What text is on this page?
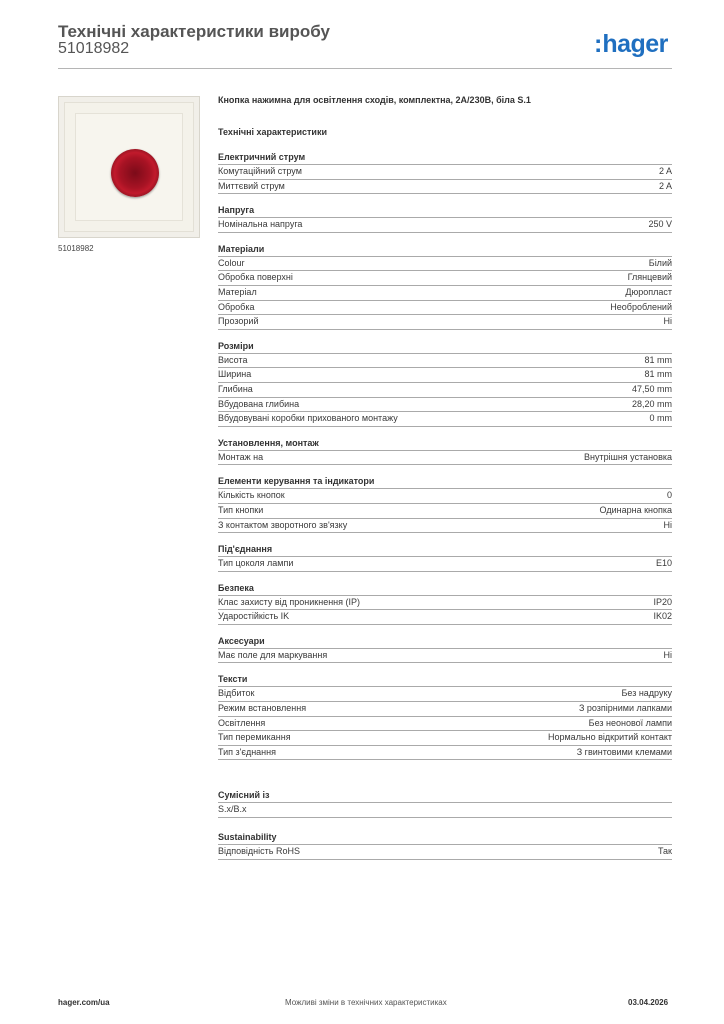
Технічні характеристики виробу
51018982	:hager
51018982
Кнопка нажимна для освітлення сходів, комплектна, 2A/230В, біла S.1
Технічні характеристики
Електричний струм
Комутаційний струм	2 A
Миттєвий струм	2 A
Напруга
Номінальна напруга	250 V
Матеріали
Colour	Білий
Обробка поверхні	Глянцевий
Матеріал	Дюропласт
Обробка	Необроблений
Прозорий	Ні
Розміри
Висота	81 mm
Ширина	81 mm
Глибина	47,50 mm
Вбудована глибина	28,20 mm
Вбудовувані коробки прихованого монтажу	0 mm
Установлення, монтаж
Монтаж на	Внутрішня установка
Елементи керування та індикатори
Кількість кнопок	0
Тип кнопки	Одинарна кнопка
З контактом зворотного зв'язку	Ні
Під'єднання
Тип цоколя лампи	E10
Безпека
Клас захисту від проникнення (IP)	IP20
Ударостійкість IK	IK02
Аксесуари
Має поле для маркування	Ні
Тексти
Відбиток	Без надруку
Режим встановлення	З розпірними лапками
Освітлення	Без неонової лампи
Тип перемикання	Нормально відкритий контакт
Тип з'єднання	З гвинтовими клемами
Сумісний із
S.x/B.x
Sustainability
Відповідність RoHS	Так
hager.com/ua	Можливі зміни в технічних характеристиках	03.04.2026
